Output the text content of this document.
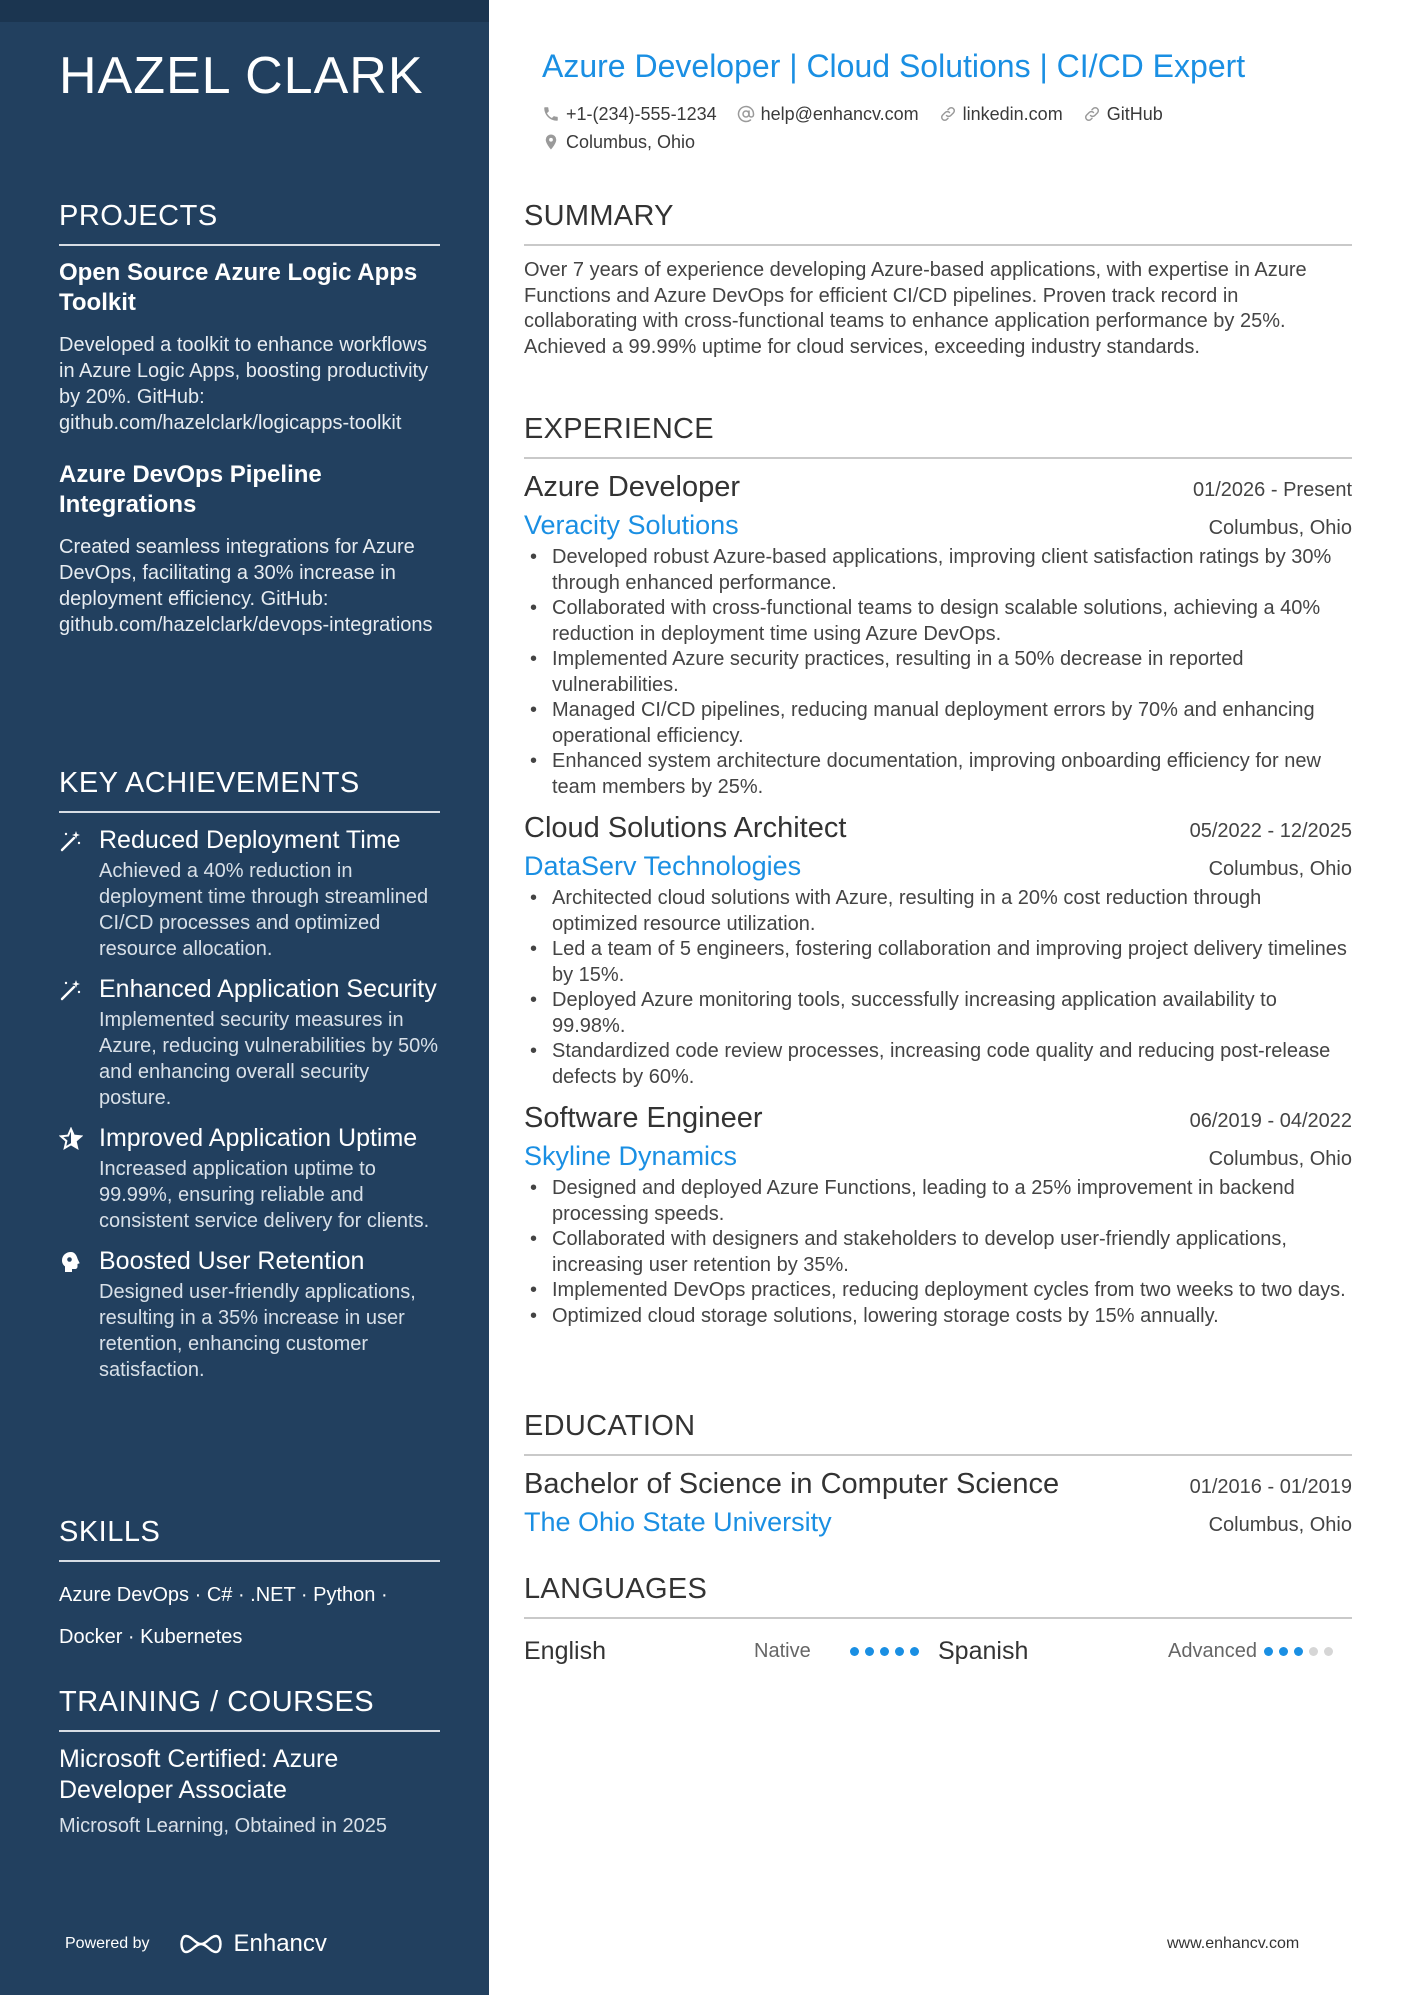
HAZEL CLARK
PROJECTS
Open Source Azure Logic Apps Toolkit
Developed a toolkit to enhance workflows in Azure Logic Apps, boosting productivity by 20%. GitHub: github.com/hazelclark/logicapps-toolkit
Azure DevOps Pipeline Integrations
Created seamless integrations for Azure DevOps, facilitating a 30% increase in deployment efficiency. GitHub: github.com/hazelclark/devops-integrations
KEY ACHIEVEMENTS
Reduced Deployment Time
Achieved a 40% reduction in deployment time through streamlined CI/CD processes and optimized resource allocation.
Enhanced Application Security
Implemented security measures in Azure, reducing vulnerabilities by 50% and enhancing overall security posture.
Improved Application Uptime
Increased application uptime to 99.99%, ensuring reliable and consistent service delivery for clients.
Boosted User Retention
Designed user-friendly applications, resulting in a 35% increase in user retention, enhancing customer satisfaction.
SKILLS
Azure DevOps · C# · .NET · Python ·
Docker · Kubernetes
TRAINING / COURSES
Microsoft Certified: Azure Developer Associate
Microsoft Learning, Obtained in 2025
Powered by	Enhancv
Azure Developer | Cloud Solutions | CI/CD Expert
+1-(234)-555-1234 help@enhancv.com linkedin.com GitHub
Columbus, Ohio
SUMMARY
Over 7 years of experience developing Azure-based applications, with expertise in Azure Functions and Azure DevOps for efficient CI/CD pipelines. Proven track record in collaborating with cross-functional teams to enhance application performance by 25%. Achieved a 99.99% uptime for cloud services, exceeding industry standards.
EXPERIENCE
Azure Developer	01/2026 - Present
Veracity Solutions	Columbus, Ohio
• Developed robust Azure-based applications, improving client satisfaction ratings by 30% through enhanced performance.
• Collaborated with cross-functional teams to design scalable solutions, achieving a 40% reduction in deployment time using Azure DevOps.
• Implemented Azure security practices, resulting in a 50% decrease in reported vulnerabilities.
• Managed CI/CD pipelines, reducing manual deployment errors by 70% and enhancing operational efficiency.
• Enhanced system architecture documentation, improving onboarding efficiency for new team members by 25%.
Cloud Solutions Architect	05/2022 - 12/2025
DataServ Technologies	Columbus, Ohio
• Architected cloud solutions with Azure, resulting in a 20% cost reduction through optimized resource utilization.
• Led a team of 5 engineers, fostering collaboration and improving project delivery timelines by 15%.
• Deployed Azure monitoring tools, successfully increasing application availability to 99.98%.
• Standardized code review processes, increasing code quality and reducing post-release defects by 60%.
Software Engineer	06/2019 - 04/2022
Skyline Dynamics	Columbus, Ohio
• Designed and deployed Azure Functions, leading to a 25% improvement in backend processing speeds.
• Collaborated with designers and stakeholders to develop user-friendly applications, increasing user retention by 35%.
• Implemented DevOps practices, reducing deployment cycles from two weeks to two days.
• Optimized cloud storage solutions, lowering storage costs by 15% annually.
EDUCATION
Bachelor of Science in Computer Science	01/2016 - 01/2019
The Ohio State University	Columbus, Ohio
LANGUAGES
English	Native	Spanish	Advanced
www.enhancv.com
